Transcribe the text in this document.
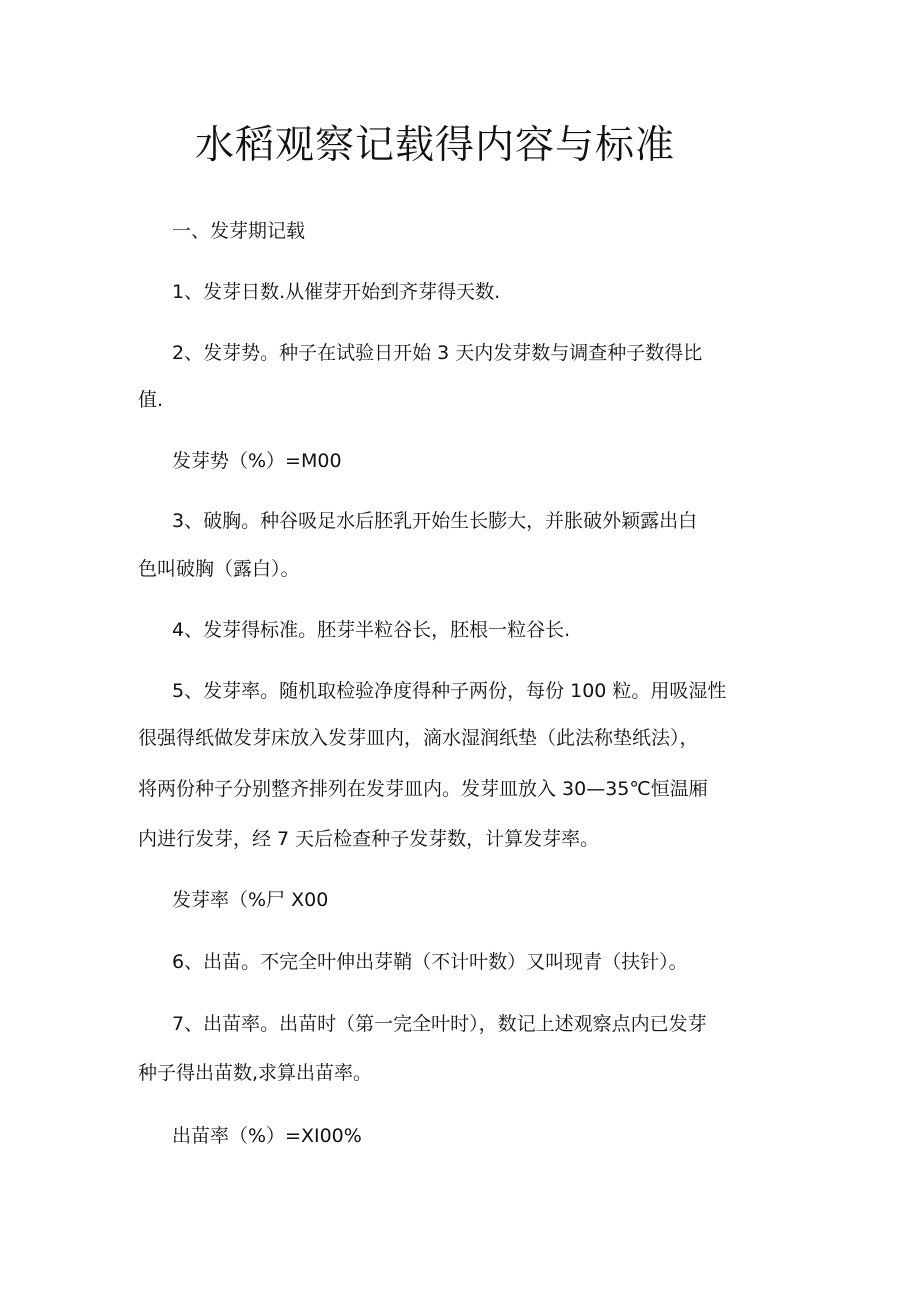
水稻观察记载得内容与标准
一、发芽期记载
1、发芽日数.从催芽开始到齐芽得天数.
2、发芽势。种子在试验日开始 3 天内发芽数与调查种子数得比
值.
发芽势（%）=M00
3、破胸。种谷吸足水后胚乳开始生长膨大，并胀破外颖露出白
色叫破胸（露白）。
4、发芽得标准。胚芽半粒谷长，胚根一粒谷长.
5、发芽率。随机取检验净度得种子两份，每份 100 粒。用吸湿性
很强得纸做发芽床放入发芽皿内，滴水湿润纸垫（此法称垫纸法），
将两份种子分别整齐排列在发芽皿内。发芽皿放入 30—35℃恒温厢
内进行发芽，经 7 天后检查种子发芽数，计算发芽率。
发芽率（%尸 X00
6、出苗。不完全叶伸出芽鞘（不计叶数）又叫现青（扶针）。
7、出苗率。出苗时（第一完全叶时），数记上述观察点内已发芽
种子得出苗数,求算出苗率。
出苗率（%）=XI00%
